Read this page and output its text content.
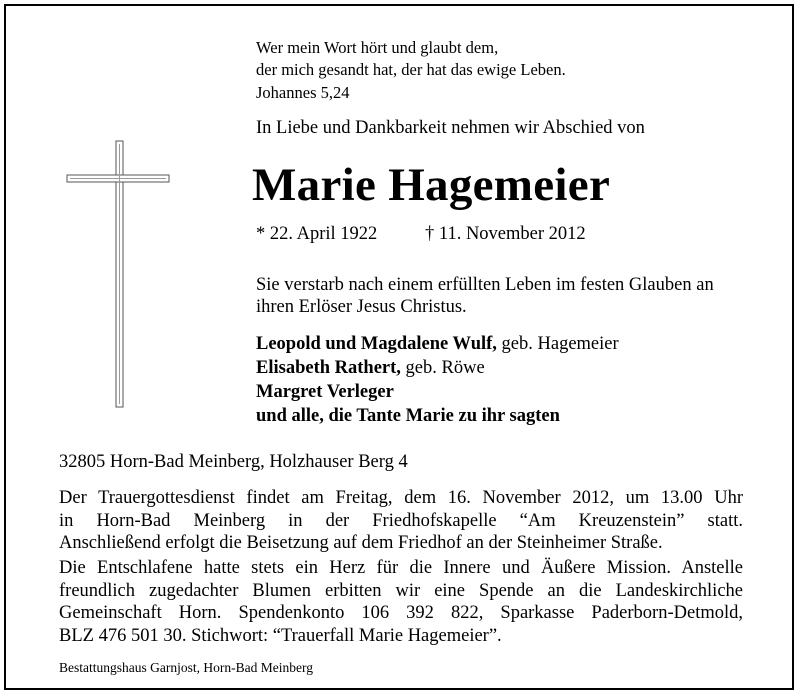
Wer mein Wort hört und glaubt dem,
der mich gesandt hat, der hat das ewige Leben.
Johannes 5,24
In Liebe und Dankbarkeit nehmen wir Abschied von
Marie Hagemeier
* 22. April 1922	† 11. November 2012
Sie verstarb nach einem erfüllten Leben im festen Glauben an
ihren Erlöser Jesus Christus.
Leopold und Magdalene Wulf, geb. Hagemeier
Elisabeth Rathert, geb. Röwe
Margret Verleger
und alle, die Tante Marie zu ihr sagten
32805 Horn-Bad Meinberg, Holzhauser Berg 4
Der Trauergottesdienst findet am Freitag, dem 16. November 2012, um 13.00 Uhr
in Horn-Bad Meinberg in der Friedhofskapelle “Am Kreuzenstein” statt.
Anschließend erfolgt die Beisetzung auf dem Friedhof an der Steinheimer Straße.
Die Entschlafene hatte stets ein Herz für die Innere und Äußere Mission. Anstelle
freundlich zugedachter Blumen erbitten wir eine Spende an die Landeskirchliche
Gemeinschaft Horn. Spendenkonto 106 392 822, Sparkasse Paderborn-Detmold,
BLZ 476 501 30. Stichwort: “Trauerfall Marie Hagemeier”.
Bestattungshaus Garnjost, Horn-Bad Meinberg
